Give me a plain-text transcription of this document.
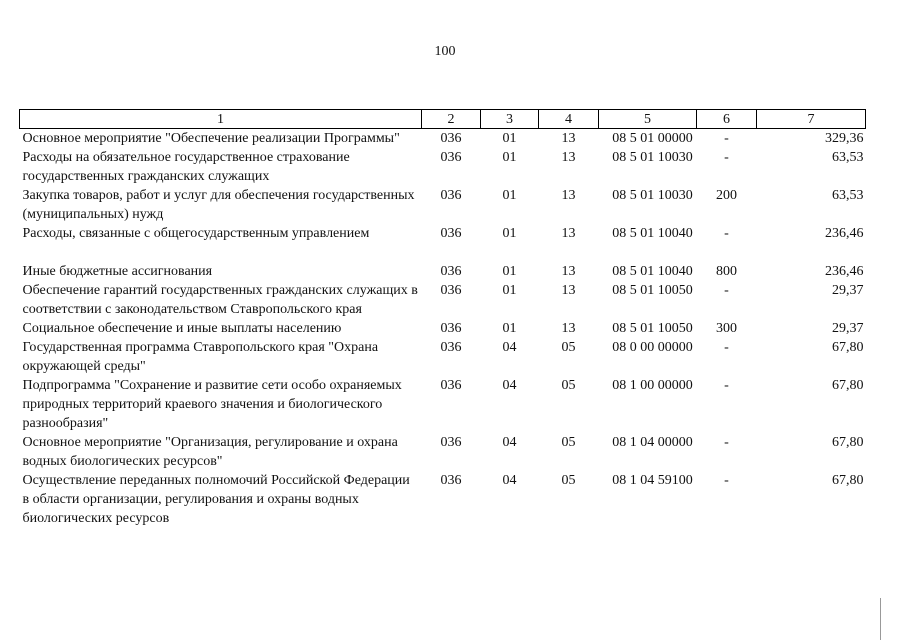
100
1	2	3	4	5	6	7
Основное мероприятие "Обеспечение реализации Программы"	036	01	13	08 5 01 00000	-	329,36
Расходы на обязательное государственное страхование государственных гражданских служащих	036	01	13	08 5 01 10030	-	63,53
Закупка товаров, работ и услуг для обеспечения государственных (муниципальных) нужд	036	01	13	08 5 01 10030	200	63,53
Расходы, связанные с общегосударственным управлением	036	01	13	08 5 01 10040	-	236,46
Иные бюджетные ассигнования	036	01	13	08 5 01 10040	800	236,46
Обеспечение гарантий государственных гражданских служащих в соответствии с законодательством Ставропольского края	036	01	13	08 5 01 10050	-	29,37
Социальное обеспечение и иные выплаты населению	036	01	13	08 5 01 10050	300	29,37
Государственная программа Ставропольского края "Охрана окружающей среды"	036	04	05	08 0 00 00000	-	67,80
Подпрограмма "Сохранение и развитие сети особо охраняемых природных территорий краевого значения и биологического разнообразия"	036	04	05	08 1 00 00000	-	67,80
Основное мероприятие "Организация, регулирование и охрана водных биологических ресурсов"	036	04	05	08 1 04 00000	-	67,80
Осуществление переданных полномочий Российской Федерации в области организации, регулирования и охраны водных биологических ресурсов	036	04	05	08 1 04 59100	-	67,80
